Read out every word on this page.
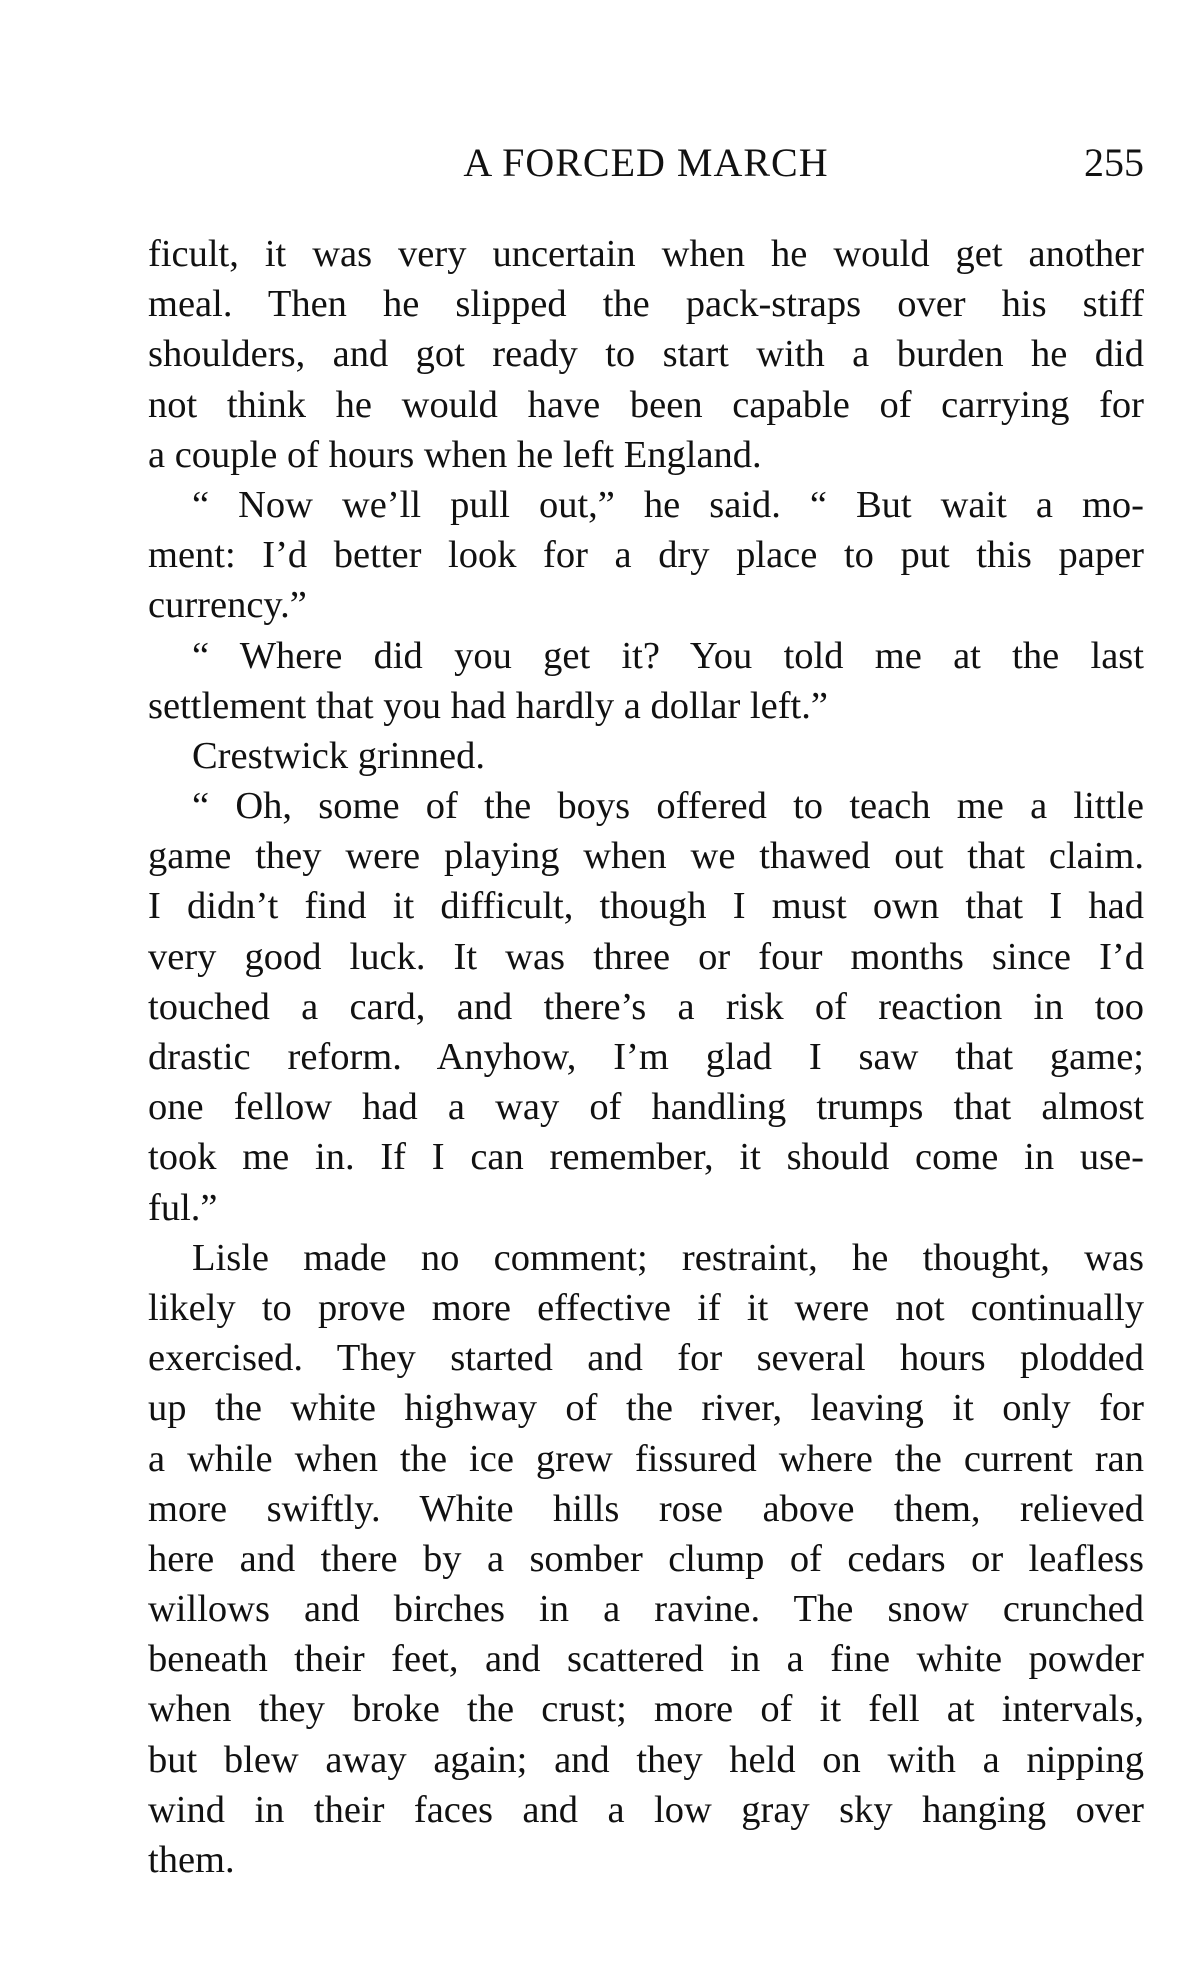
A FORCED MARCH	255
ficult, it was very uncertain when he would get another
meal. Then he slipped the pack-straps over his stiff
shoulders, and got ready to start with a burden he did
not think he would have been capable of carrying for
a couple of hours when he left England.
“ Now we’ll pull out,” he said. “ But wait a mo-
ment: I’d better look for a dry place to put this paper
currency.”
“ Where did you get it? You told me at the last
settlement that you had hardly a dollar left.”
Crestwick grinned.
“ Oh, some of the boys offered to teach me a little
game they were playing when we thawed out that claim.
I didn’t find it difficult, though I must own that I had
very good luck. It was three or four months since I’d
touched a card, and there’s a risk of reaction in too
drastic reform. Anyhow, I’m glad I saw that game;
one fellow had a way of handling trumps that almost
took me in. If I can remember, it should come in use-
ful.”
Lisle made no comment; restraint, he thought, was
likely to prove more effective if it were not continually
exercised. They started and for several hours plodded
up the white highway of the river, leaving it only for
a while when the ice grew fissured where the current ran
more swiftly. White hills rose above them, relieved
here and there by a somber clump of cedars or leafless
willows and birches in a ravine. The snow crunched
beneath their feet, and scattered in a fine white powder
when they broke the crust; more of it fell at intervals,
but blew away again; and they held on with a nipping
wind in their faces and a low gray sky hanging over
them.
